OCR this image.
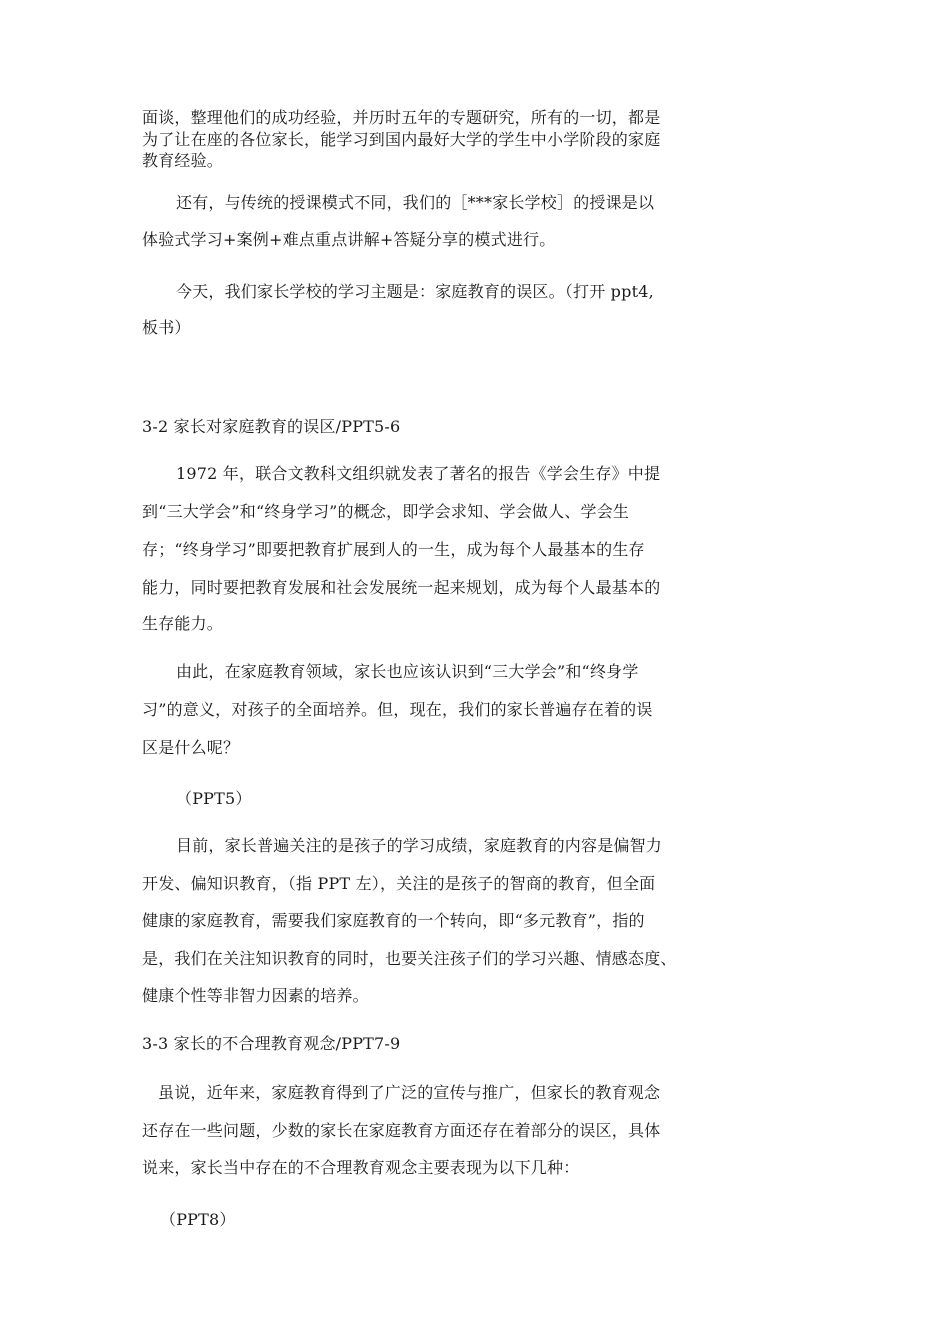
面谈，整理他们的成功经验，并历时五年的专题研究，所有的一切，都是
为了让在座的各位家长，能学习到国内最好大学的学生中小学阶段的家庭
教育经验。
还有，与传统的授课模式不同，我们的［***家长学校］的授课是以
体验式学习+案例+难点重点讲解+答疑分享的模式进行。
今天，我们家长学校的学习主题是：家庭教育的误区。（打开 ppt4,
板书）
3-2 家长对家庭教育的误区/PPT5-6
1972 年，联合文教科文组织就发表了著名的报告《学会生存》中提
到“三大学会”和“终身学习”的概念，即学会求知、学会做人、学会生
存；“终身学习”即要把教育扩展到人的一生，成为每个人最基本的生存
能力，同时要把教育发展和社会发展统一起来规划，成为每个人最基本的
生存能力。
由此，在家庭教育领域，家长也应该认识到“三大学会”和“终身学
习”的意义，对孩子的全面培养。但，现在，我们的家长普遍存在着的误
区是什么呢？
（PPT5）
目前，家长普遍关注的是孩子的学习成绩，家庭教育的内容是偏智力
开发、偏知识教育，（指 PPT 左），关注的是孩子的智商的教育，但全面
健康的家庭教育，需要我们家庭教育的一个转向，即“多元教育”，指的
是，我们在关注知识教育的同时，也要关注孩子们的学习兴趣、情感态度、
健康个性等非智力因素的培养。
3-3 家长的不合理教育观念/PPT7-9
虽说，近年来，家庭教育得到了广泛的宣传与推广，但家长的教育观念
还存在一些问题，少数的家长在家庭教育方面还存在着部分的误区，具体
说来，家长当中存在的不合理教育观念主要表现为以下几种：
（PPT8）
